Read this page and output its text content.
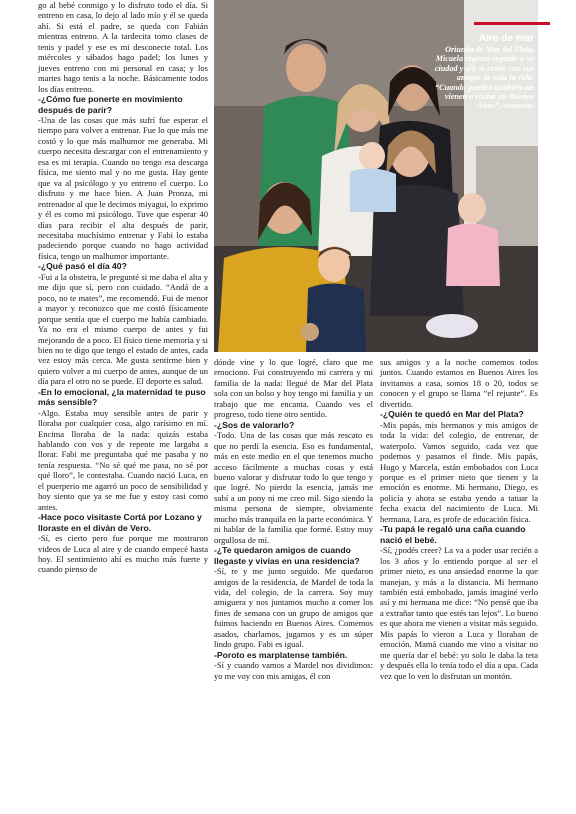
Aire de mar
Oriunda de Mar del Plata, Micaela regresa seguido a su ciudad y allí se reúne con sus amigas de toda la vida. “Cuando pueden también me vienen a visitar en Buenos Aires”, comenta.

go al bebé conmigo y lo disfruto todo el día. Si entreno en casa, lo dejo al lado mío y él se queda ahí. Si está el padre, se queda con Fabián mientras entreno. A la tardecita tomo clases de tenis y padel y ese es mi desconecte total. Los miércoles y sábados hago padel; los lunes y jueves entreno con mi personal en casa; y los martes hago tenis a la noche. Básicamente todos los días entreno.

-¿Cómo fue ponerte en movimiento después de parir?

-Una de las cosas que más sufrí fue esperar el tiempo para volver a entrenar. Fue lo que más me costó y lo que más malhumor me generaba. Mi cuerpo necesita descargar con el entrenamiento y esa es mi terapia. Cuando no tengo esa descarga física, me siento mal y no me gusta. Hay gente que va al psicólogo y yo entreno el cuerpo. Lo disfruto y me hace bien. A Juan Pronza, mi entrenador al que le decimos miyagui, lo exprimo y él es como mi psicólogo. Tuve que esperar 40 días para recibir el alta después de parir, necesitaba muchísimo entrenar y Fabi lo estaba padeciendo porque cuando no hago actividad física, tengo un malhumor importante.

-¿Qué pasó el día 40?

-Fui a la obstetra, le pregunté si me daba el alta y me dijo que sí, pero con cuidado. “Andá de a poco, no te mates”, me recomendó. Fui de menor a mayor y reconozco que me costó físicamente porque sentía que el cuerpo me había cambiado. Ya no era el mismo cuerpo de antes y fui mejorando de a poco. El físico tiene memoria y si bien no te digo que tengo el estado de antes, cada vez estoy más cerca. Me gusta sentirme bien y quiero volver a mi cuerpo de antes, aunque de un día para el otro no se puede. El deporte es salud.

-En lo emocional, ¿la maternidad te puso más sensible?

-Algo. Estaba muy sensible antes de parir y lloraba por cualquier cosa, algo rarísimo en mí. Encima lloraba de la nada: quizás estaba hablando con vos y de repente me largaba a llorar. Fabi me preguntaba qué me pasaba y no tenía respuesta. “No sé qué me pasa, no sé por qué lloro”, le contestaba. Cuando nació Luca, en el puerperio me agarró un poco de sensibilidad y hoy siento que ya se me fue y estoy casi como antes.

-Hace poco visitaste Cortá por Lozano y lloraste en el diván de Vero.

-Sí, es cierto pero fue porque me mostraron videos de Luca al aire y de cuando empecé hasta hoy. El sentimiento ahí es mucho más fuerte y cuando pienso de

dónde vine y lo que logré, claro que me emociono. Fui construyendo mi carrera y mi familia de la nada: llegué de Mar del Plata sola con un bolso y hoy tengo mi familia y un trabajo que me encanta. Cuando ves el progreso, todo tiene otro sentido.

-¿Sos de valorarlo?

-Todo. Una de las cosas que más rescato es que no perdí la esencia. Eso es fundamental, más en este medio en el que tenemos mucho acceso fácilmente a muchas cosas y está bueno valorar y disfrutar todo lo que tengo y que logré. No pierdo la esencia, jamás me subí a un pony ni me creo mil. Sigo siendo la misma persona de siempre, obviamente mucho más tranquila en la parte económica. Y ni hablar de la familia que formé. Estoy muy orgullosa de mí.

-¿Te quedaron amigos de cuando llegaste y vivías en una residencia?

-Sí, re y me junto seguido. Me quedaron amigos de la residencia, de Mardel de toda la vida, del colegio, de la carrera. Soy muy amiguera y nos juntamos mucho a comer los fines de semana con un grupo de amigos que fuimos haciendo en Buenos Aires. Comemos asados, charlamos, jugamos y es un súper lindo grupo. Fabi es igual.

-Poroto es marplatense también.

-Sí y cuando vamos a Mardel nos dividimos: yo me voy con mis amigas, él con

sus amigos y a la noche comemos todos juntos. Cuando estamos en Buenos Aires los invitamos a casa, somos 18 o 20, todos se conocen y el grupo se llama “el rejunte”. Es divertido.

-¿Quién te quedó en Mar del Plata?

-Mis papás, mis hermanos y mis amigos de toda la vida: del colegio, de entrenar, de waterpolo. Vamos seguido, cada vez que podemos y pasamos el finde. Mis papás, Hugo y Marcela, están embobados con Luca porque es el primer nieto que tienen y la emoción es enorme. Mi hermano, Diego, es policía y ahora se estaba yendo a tatuar la fecha exacta del nacimiento de Luca. Mi hermana, Lara, es profe de educación física.

-Tu papá le regaló una caña cuando nació el bebé.

-Sí, ¿podés creer? La va a poder usar recién a los 3 años y lo entiendo porque al ser el primer nieto, es una ansiedad enorme la que manejan, y más a la distancia. Mi hermano también está embobado, jamás imaginé verlo así y mi hermana me dice: “No pensé que iba a extrañar tanto que estés tan lejos”. Lo bueno es que ahora me vienen a visitar más seguido. Mis papás lo vieron a Luca y lloraban de emoción. Mamá cuando me vino a visitar no me quería dar el bebé: yo solo le daba la teta y después ella lo tenía todo el día a upa. Cada vez que lo ven lo disfrutan un montón.
